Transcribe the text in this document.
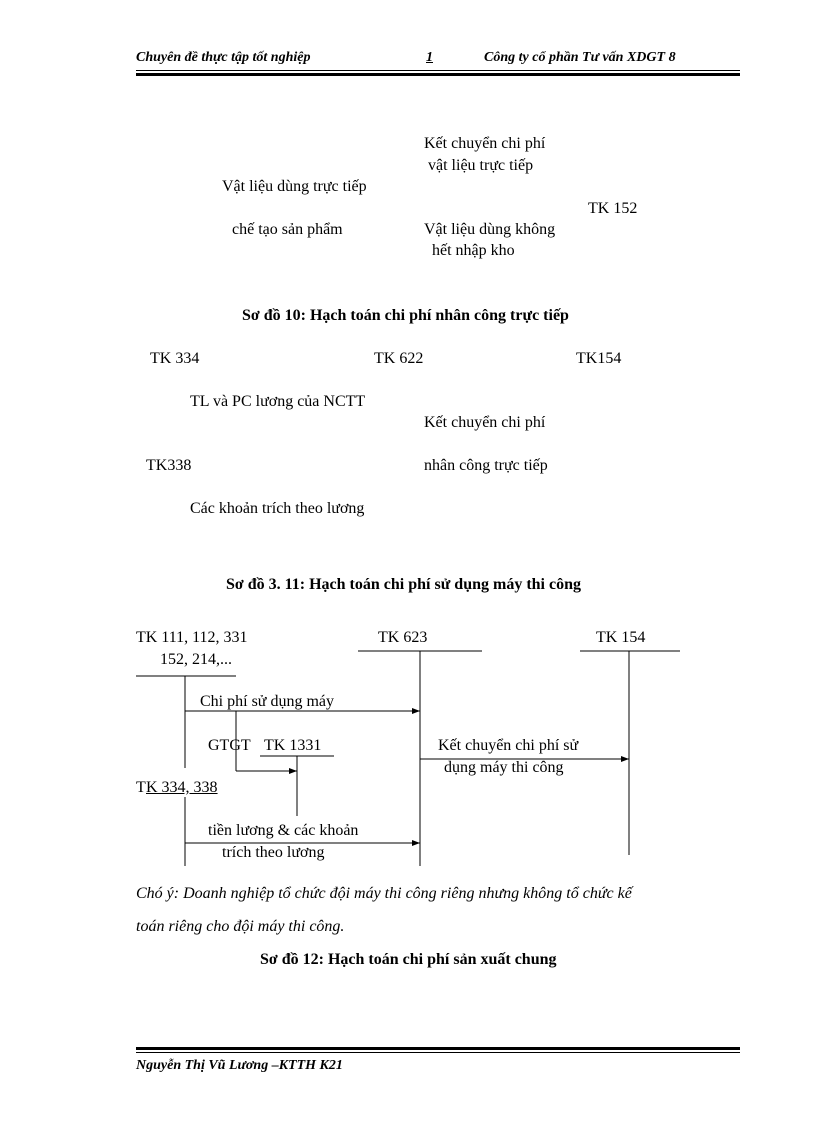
Chuyên đề thực tập tốt nghiệp	1	Công ty cổ phần Tư vấn XDGT 8
Kết chuyển chi phí
vật liệu trực tiếp
Vật liệu dùng trực tiếp
TK 152
chế tạo sản phẩm	Vật liệu dùng không
hết nhập kho
Sơ đồ 10: Hạch toán chi phí nhân công trực tiếp
TK 334	TK 622	TK154
TL và PC lương của NCTT
Kết chuyển chi phí
TK338	nhân công trực tiếp
Các khoản trích theo lương
Sơ đồ 3. 11: Hạch toán chi phí sử dụng máy thi công
TK 111, 112, 331
152, 214,...
TK 623	TK 154
Chi phí sử dụng máy
GTGT TK 1331	Kết chuyển chi phí sử
dụng máy thi công
T K 334, 338
tiền lương & các khoản
trích theo lương
Chó ý: Doanh nghiệp tổ chức đội máy thi công riêng nhưng không tổ chức kế
toán riêng cho đội máy thi công.
Sơ đồ 12: Hạch toán chi phí sản xuất chung
Nguyễn Thị Vũ Lương –KTTH K21
